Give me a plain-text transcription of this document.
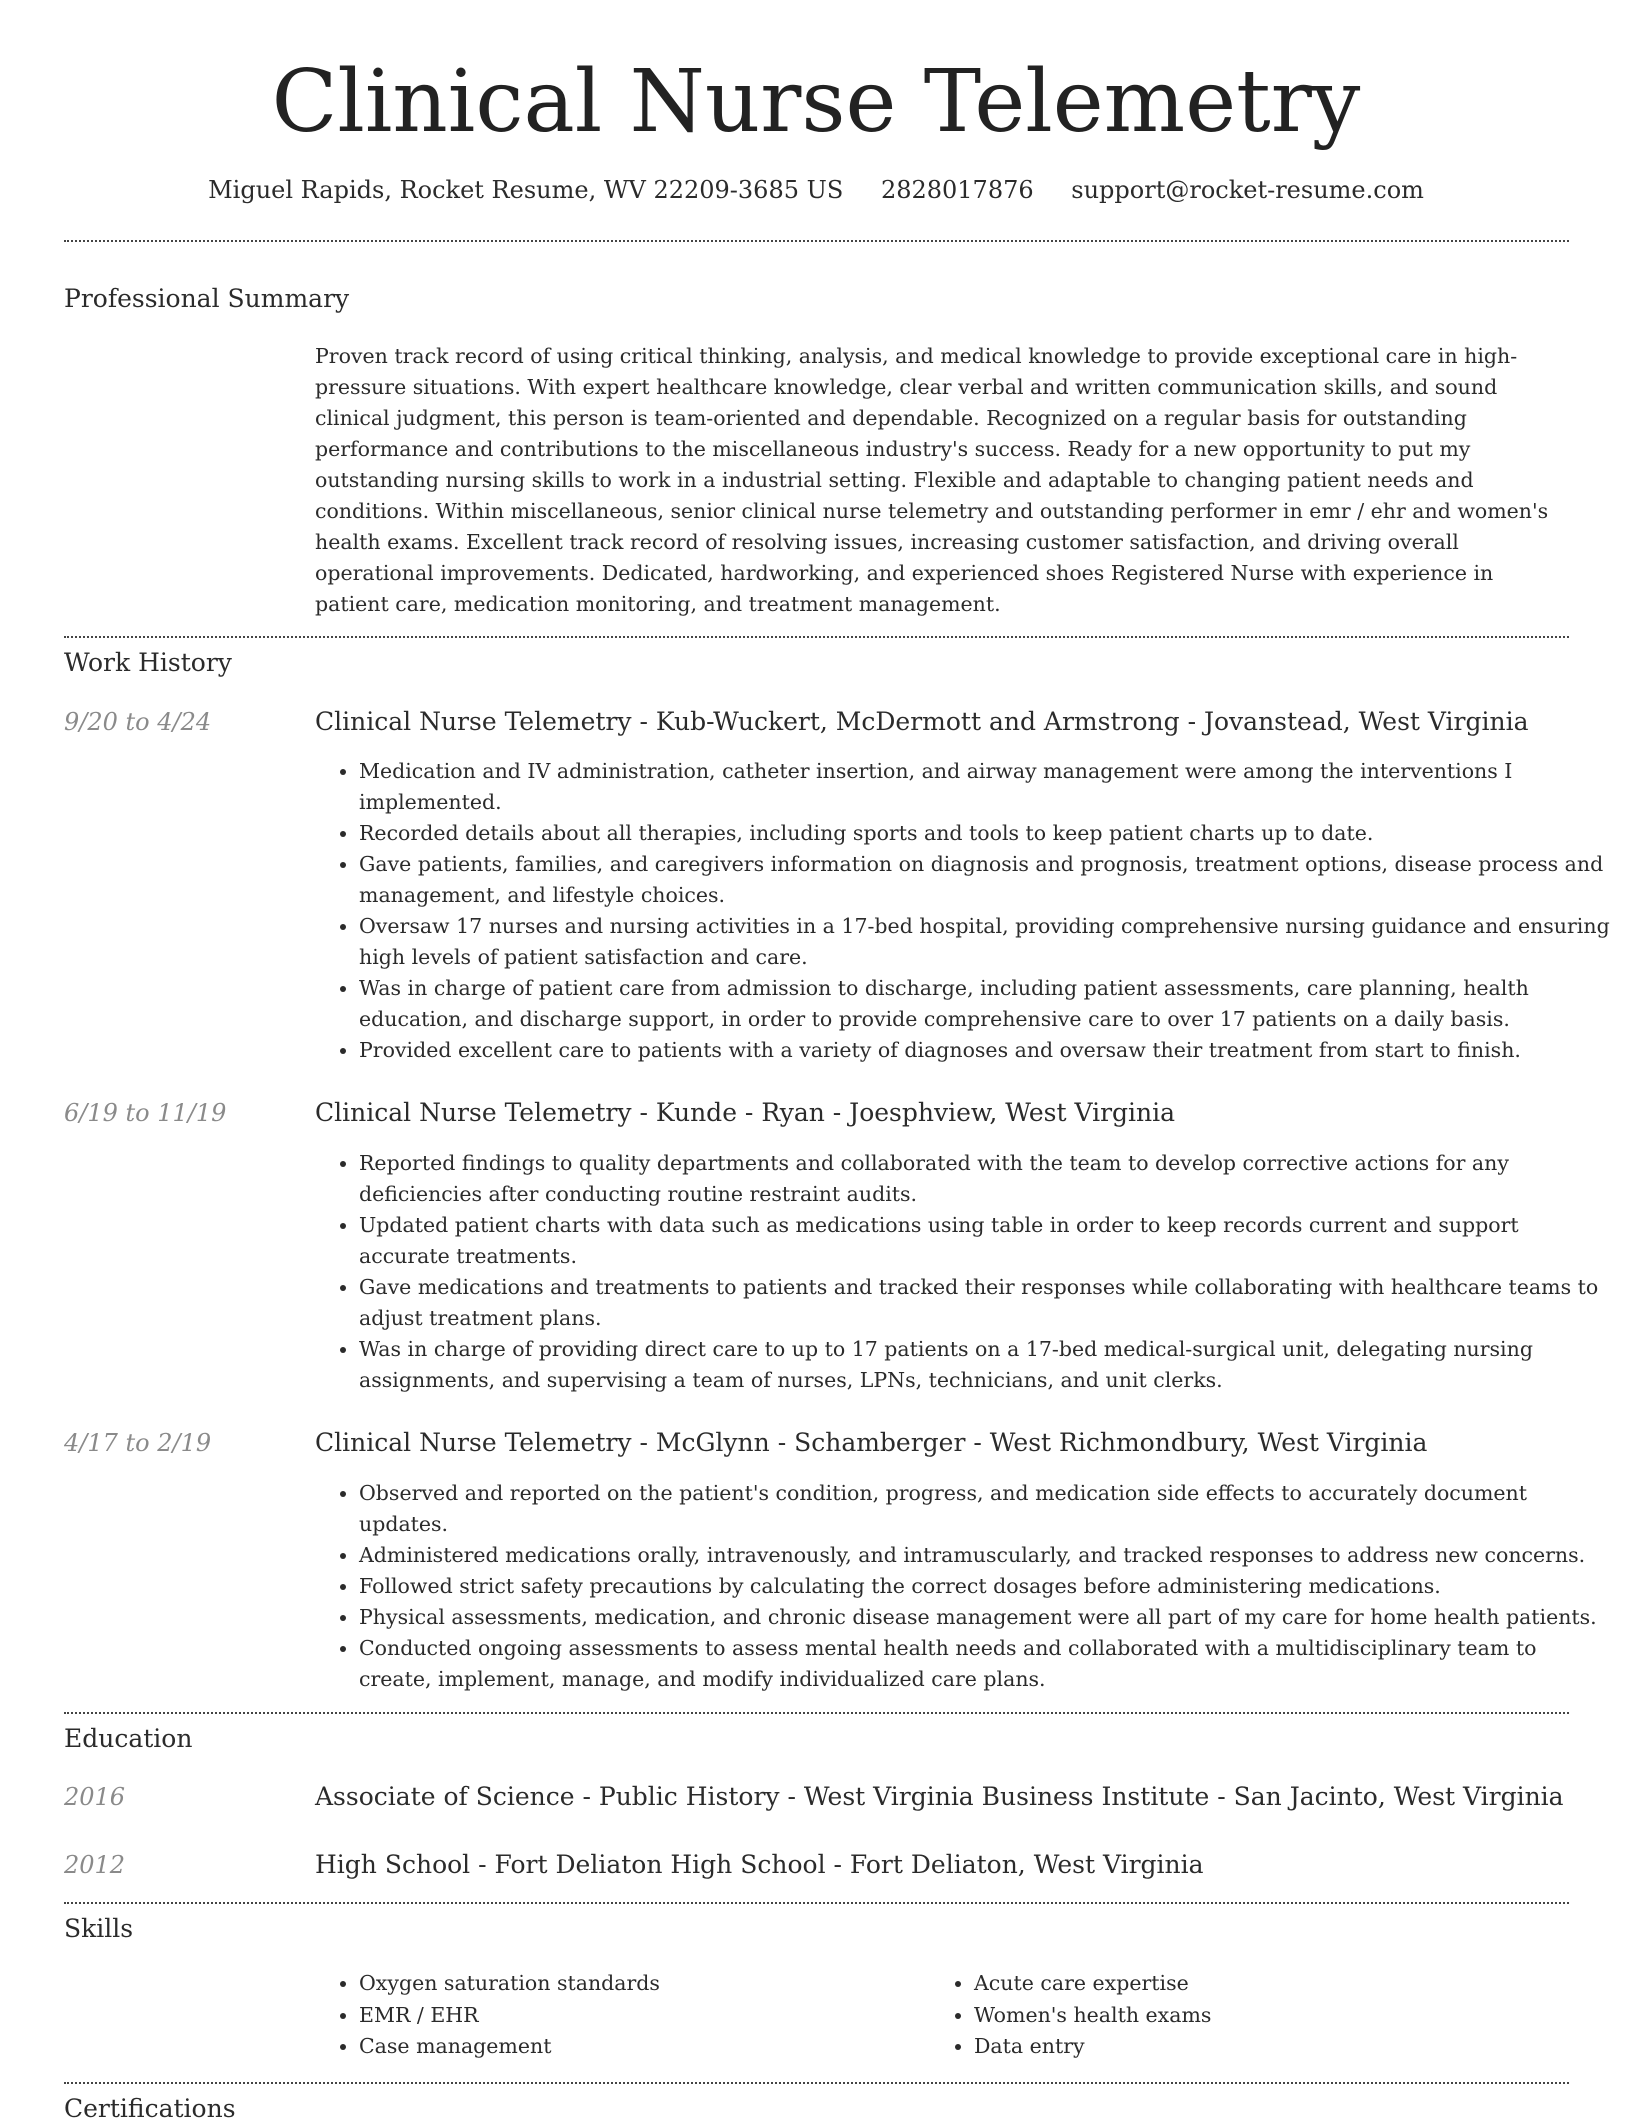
Clinical Nurse Telemetry
Miguel Rapids, Rocket Resume, WV 22209-3685 US 2828017876 support@rocket-resume.com
Professional Summary

Proven track record of using critical thinking, analysis, and medical knowledge to provide exceptional care in high-pressure situations. With expert healthcare knowledge, clear verbal and written communication skills, and sound clinical judgment, this person is team-oriented and dependable. Recognized on a regular basis for outstanding performance and contributions to the miscellaneous industry's success. Ready for a new opportunity to put my outstanding nursing skills to work in a industrial setting. Flexible and adaptable to changing patient needs and conditions. Within miscellaneous, senior clinical nurse telemetry and outstanding performer in emr / ehr and women's health exams. Excellent track record of resolving issues, increasing customer satisfaction, and driving overall operational improvements. Dedicated, hardworking, and experienced shoes Registered Nurse with experience in patient care, medication monitoring, and treatment management.

Work History
9/20 to 4/24	Clinical Nurse Telemetry - Kub-Wuckert, McDermott and Armstrong - Jovanstead, West Virginia
• Medication and IV administration, catheter insertion, and airway management were among the interventions I implemented.
• Recorded details about all therapies, including sports and tools to keep patient charts up to date.
• Gave patients, families, and caregivers information on diagnosis and prognosis, treatment options, disease process and management, and lifestyle choices.
• Oversaw 17 nurses and nursing activities in a 17-bed hospital, providing comprehensive nursing guidance and ensuring high levels of patient satisfaction and care.
• Was in charge of patient care from admission to discharge, including patient assessments, care planning, health education, and discharge support, in order to provide comprehensive care to over 17 patients on a daily basis.
• Provided excellent care to patients with a variety of diagnoses and oversaw their treatment from start to finish.
6/19 to 11/19	Clinical Nurse Telemetry - Kunde - Ryan - Joesphview, West Virginia
• Reported findings to quality departments and collaborated with the team to develop corrective actions for any deficiencies after conducting routine restraint audits.
• Updated patient charts with data such as medications using table in order to keep records current and support accurate treatments.
• Gave medications and treatments to patients and tracked their responses while collaborating with healthcare teams to adjust treatment plans.
• Was in charge of providing direct care to up to 17 patients on a 17-bed medical-surgical unit, delegating nursing assignments, and supervising a team of nurses, LPNs, technicians, and unit clerks.
4/17 to 2/19	Clinical Nurse Telemetry - McGlynn - Schamberger - West Richmondbury, West Virginia
• Observed and reported on the patient's condition, progress, and medication side effects to accurately document updates.
• Administered medications orally, intravenously, and intramuscularly, and tracked responses to address new concerns.
• Followed strict safety precautions by calculating the correct dosages before administering medications.
• Physical assessments, medication, and chronic disease management were all part of my care for home health patients.
• Conducted ongoing assessments to assess mental health needs and collaborated with a multidisciplinary team to create, implement, manage, and modify individualized care plans.
Education
2016	Associate of Science - Public History - West Virginia Business Institute - San Jacinto, West Virginia
2012	High School - Fort Deliaton High School - Fort Deliaton, West Virginia
Skills
• Oxygen saturation standards
• EMR / EHR
• Case management
• Acute care expertise
• Women's health exams
• Data entry
Certifications
